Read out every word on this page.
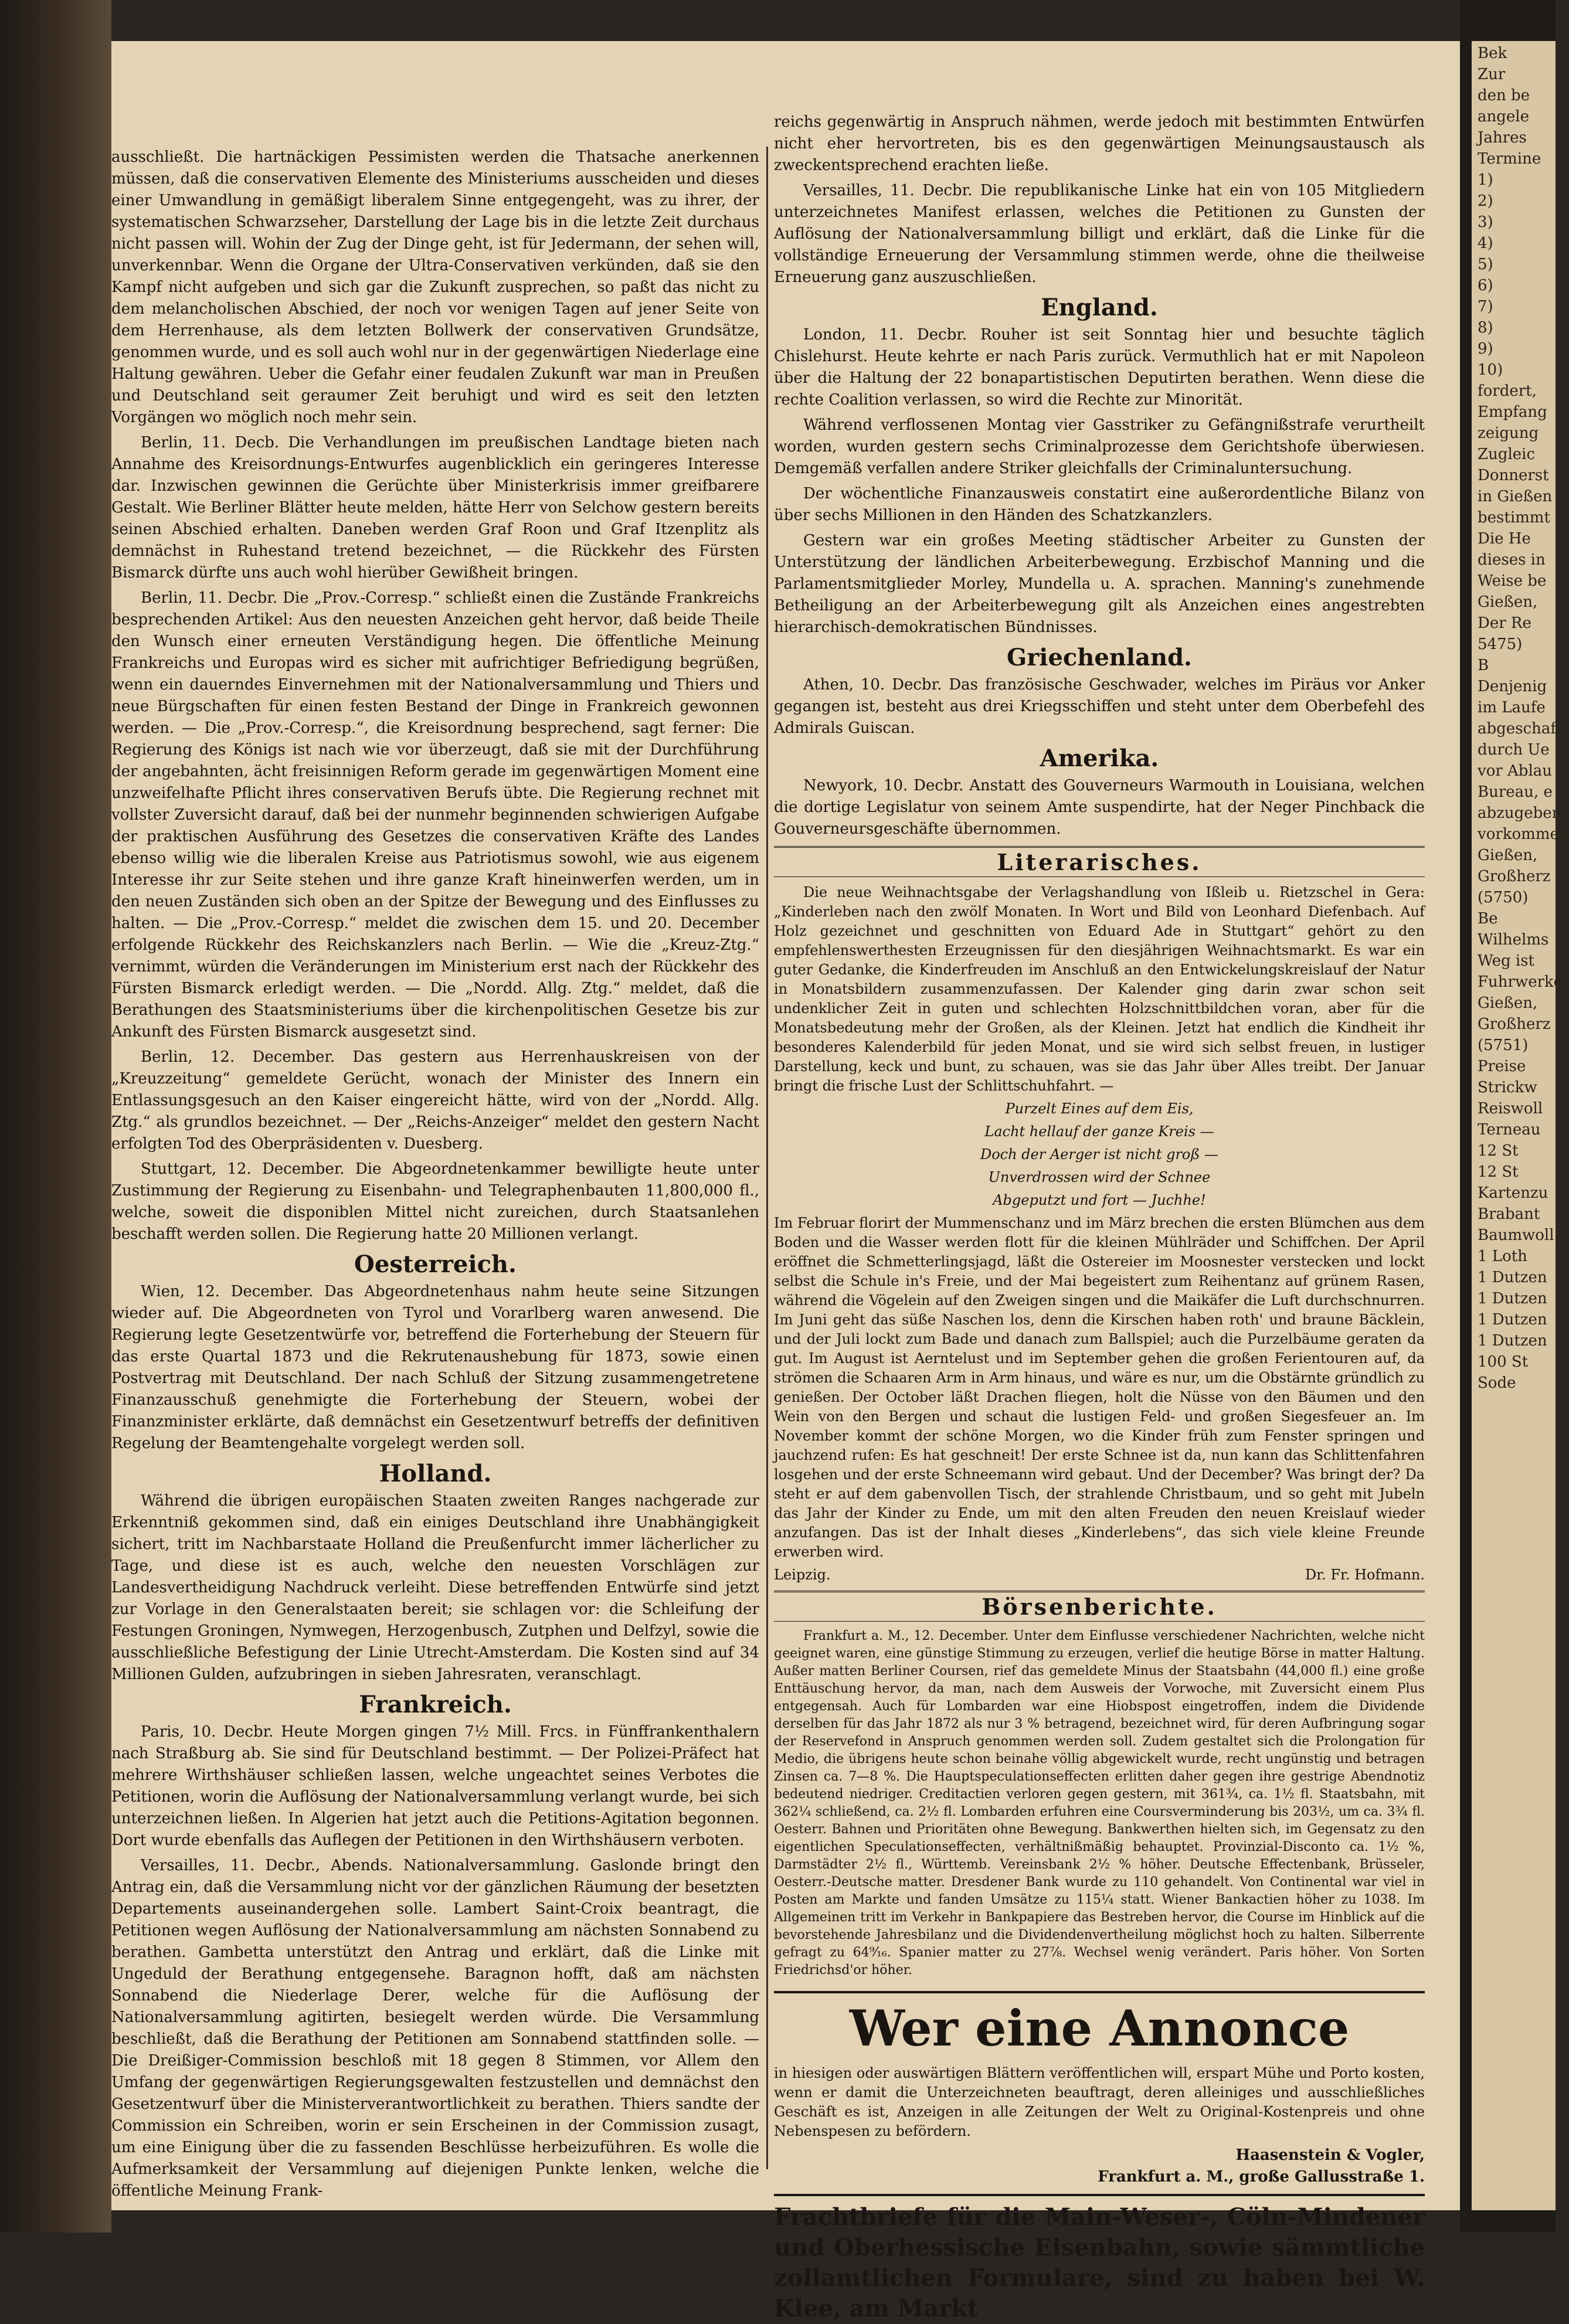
Bek
Zur
den be
angele
Jahres
Termine
1)
2)
3)
4)
5)
6)
7)
8)
9)
10)
fordert,
Empfang
zeigung
Zugleic
Donnerst
in Gießen
bestimmt
Die He
dieses in
Weise be
Gießen,
Der Re
5475)
B
Denjenig
im Laufe
abgeschafft
durch Ue
vor Ablau
Bureau, e
abzugeben
vorkommen
Gießen,
Großherz
(5750)
Be
Wilhelms
Weg ist
Fuhrwerke
Gießen,
Großherz
(5751)
Preise
Strickw
Reiswoll
Terneau
12 St
12 St
Kartenzu
Brabant
Baumwoll
1 Loth
1 Dutzen
1 Dutzen
1 Dutzen
1 Dutzen
100 St
Sode

ausschließt. Die hartnäckigen Pessimisten werden die Thatsache anerkennen müssen, daß die conservativen Elemente des Ministeriums ausscheiden und dieses einer Umwandlung in gemäßigt liberalem Sinne entgegengeht, was zu ihrer, der systematischen Schwarzseher, Darstellung der Lage bis in die letzte Zeit durchaus nicht passen will. Wohin der Zug der Dinge geht, ist für Jedermann, der sehen will, unverkennbar. Wenn die Organe der Ultra-Conservativen verkünden, daß sie den Kampf nicht aufgeben und sich gar die Zukunft zusprechen, so paßt das nicht zu dem melancholischen Abschied, der noch vor wenigen Tagen auf jener Seite von dem Herrenhause, als dem letzten Bollwerk der conservativen Grundsätze, genommen wurde, und es soll auch wohl nur in der gegenwärtigen Niederlage eine Haltung gewähren. Ueber die Gefahr einer feudalen Zukunft war man in Preußen und Deutschland seit geraumer Zeit beruhigt und wird es seit den letzten Vorgängen wo möglich noch mehr sein.

Berlin, 11. Decb. Die Verhandlungen im preußischen Landtage bieten nach Annahme des Kreisordnungs-Entwurfes augenblicklich ein geringeres Interesse dar. Inzwischen gewinnen die Gerüchte über Ministerkrisis immer greifbarere Gestalt. Wie Berliner Blätter heute melden, hätte Herr von Selchow gestern bereits seinen Abschied erhalten. Daneben werden Graf Roon und Graf Itzenplitz als demnächst in Ruhestand tretend bezeichnet, — die Rückkehr des Fürsten Bismarck dürfte uns auch wohl hierüber Gewißheit bringen.

Berlin, 11. Decbr. Die „Prov.-Corresp.“ schließt einen die Zustände Frankreichs besprechenden Artikel: Aus den neuesten Anzeichen geht hervor, daß beide Theile den Wunsch einer erneuten Verständigung hegen. Die öffentliche Meinung Frankreichs und Europas wird es sicher mit aufrichtiger Befriedigung begrüßen, wenn ein dauerndes Einvernehmen mit der Nationalversammlung und Thiers und neue Bürgschaften für einen festen Bestand der Dinge in Frankreich gewonnen werden. — Die „Prov.-Corresp.“, die Kreisordnung besprechend, sagt ferner: Die Regierung des Königs ist nach wie vor überzeugt, daß sie mit der Durchführung der angebahnten, ächt freisinnigen Reform gerade im gegenwärtigen Moment eine unzweifelhafte Pflicht ihres conservativen Berufs übte. Die Regierung rechnet mit vollster Zuversicht darauf, daß bei der nunmehr beginnenden schwierigen Aufgabe der praktischen Ausführung des Gesetzes die conservativen Kräfte des Landes ebenso willig wie die liberalen Kreise aus Patriotismus sowohl, wie aus eigenem Interesse ihr zur Seite stehen und ihre ganze Kraft hineinwerfen werden, um in den neuen Zuständen sich oben an der Spitze der Bewegung und des Einflusses zu halten. — Die „Prov.-Corresp.“ meldet die zwischen dem 15. und 20. December erfolgende Rückkehr des Reichskanzlers nach Berlin. — Wie die „Kreuz-Ztg.“ vernimmt, würden die Veränderungen im Ministerium erst nach der Rückkehr des Fürsten Bismarck erledigt werden. — Die „Nordd. Allg. Ztg.“ meldet, daß die Berathungen des Staatsministeriums über die kirchenpolitischen Gesetze bis zur Ankunft des Fürsten Bismarck ausgesetzt sind.

Berlin, 12. December. Das gestern aus Herrenhauskreisen von der „Kreuzzeitung“ gemeldete Gerücht, wonach der Minister des Innern ein Entlassungsgesuch an den Kaiser eingereicht hätte, wird von der „Nordd. Allg. Ztg.“ als grundlos bezeichnet. — Der „Reichs-Anzeiger“ meldet den gestern Nacht erfolgten Tod des Oberpräsidenten v. Duesberg.

Stuttgart, 12. December. Die Abgeordnetenkammer bewilligte heute unter Zustimmung der Regierung zu Eisenbahn- und Telegraphenbauten 11,800,000 fl., welche, soweit die disponiblen Mittel nicht zureichen, durch Staatsanlehen beschafft werden sollen. Die Regierung hatte 20 Millionen verlangt.

Oesterreich.

Wien, 12. December. Das Abgeordnetenhaus nahm heute seine Sitzungen wieder auf. Die Abgeordneten von Tyrol und Vorarlberg waren anwesend. Die Regierung legte Gesetzentwürfe vor, betreffend die Forterhebung der Steuern für das erste Quartal 1873 und die Rekrutenaushebung für 1873, sowie einen Postvertrag mit Deutschland. Der nach Schluß der Sitzung zusammengetretene Finanzausschuß genehmigte die Forterhebung der Steuern, wobei der Finanzminister erklärte, daß demnächst ein Gesetzentwurf betreffs der definitiven Regelung der Beamtengehalte vorgelegt werden soll.

Holland.

Während die übrigen europäischen Staaten zweiten Ranges nachgerade zur Erkenntniß gekommen sind, daß ein einiges Deutschland ihre Unabhängigkeit sichert, tritt im Nachbarstaate Holland die Preußenfurcht immer lächerlicher zu Tage, und diese ist es auch, welche den neuesten Vorschlägen zur Landesvertheidigung Nachdruck verleiht. Diese betreffenden Entwürfe sind jetzt zur Vorlage in den Generalstaaten bereit; sie schlagen vor: die Schleifung der Festungen Groningen, Nymwegen, Herzogenbusch, Zutphen und Delfzyl, sowie die ausschließliche Befestigung der Linie Utrecht-Amsterdam. Die Kosten sind auf 34 Millionen Gulden, aufzubringen in sieben Jahresraten, veranschlagt.

Frankreich.

Paris, 10. Decbr. Heute Morgen gingen 7½ Mill. Frcs. in Fünffrankenthalern nach Straßburg ab. Sie sind für Deutschland bestimmt. — Der Polizei-Präfect hat mehrere Wirthshäuser schließen lassen, welche ungeachtet seines Verbotes die Petitionen, worin die Auflösung der Nationalversammlung verlangt wurde, bei sich unterzeichnen ließen. In Algerien hat jetzt auch die Petitions-Agitation begonnen. Dort wurde ebenfalls das Auflegen der Petitionen in den Wirthshäusern verboten.

Versailles, 11. Decbr., Abends. Nationalversammlung. Gaslonde bringt den Antrag ein, daß die Versammlung nicht vor der gänzlichen Räumung der besetzten Departements auseinandergehen solle. Lambert Saint-Croix beantragt, die Petitionen wegen Auflösung der Nationalversammlung am nächsten Sonnabend zu berathen. Gambetta unterstützt den Antrag und erklärt, daß die Linke mit Ungeduld der Berathung entgegensehe. Baragnon hofft, daß am nächsten Sonnabend die Niederlage Derer, welche für die Auflösung der Nationalversammlung agitirten, besiegelt werden würde. Die Versammlung beschließt, daß die Berathung der Petitionen am Sonnabend stattfinden solle. — Die Dreißiger-Commission beschloß mit 18 gegen 8 Stimmen, vor Allem den Umfang der gegenwärtigen Regierungsgewalten festzustellen und demnächst den Gesetzentwurf über die Ministerverantwortlichkeit zu berathen. Thiers sandte der Commission ein Schreiben, worin er sein Erscheinen in der Commission zusagt, um eine Einigung über die zu fassenden Beschlüsse herbeizuführen. Es wolle die Aufmerksamkeit der Versammlung auf diejenigen Punkte lenken, welche die öffentliche Meinung Frank-

reichs gegenwärtig in Anspruch nähmen, werde jedoch mit bestimmten Entwürfen nicht eher hervortreten, bis es den gegenwärtigen Meinungsaustausch als zweckentsprechend erachten ließe.

Versailles, 11. Decbr. Die republikanische Linke hat ein von 105 Mitgliedern unterzeichnetes Manifest erlassen, welches die Petitionen zu Gunsten der Auflösung der Nationalversammlung billigt und erklärt, daß die Linke für die vollständige Erneuerung der Versammlung stimmen werde, ohne die theilweise Erneuerung ganz auszuschließen.

England.

London, 11. Decbr. Rouher ist seit Sonntag hier und besuchte täglich Chislehurst. Heute kehrte er nach Paris zurück. Vermuthlich hat er mit Napoleon über die Haltung der 22 bonapartistischen Deputirten berathen. Wenn diese die rechte Coalition verlassen, so wird die Rechte zur Minorität.

Während verflossenen Montag vier Gasstriker zu Gefängnißstrafe verurtheilt worden, wurden gestern sechs Criminalprozesse dem Gerichtshofe überwiesen. Demgemäß verfallen andere Striker gleichfalls der Criminaluntersuchung.

Der wöchentliche Finanzausweis constatirt eine außerordentliche Bilanz von über sechs Millionen in den Händen des Schatzkanzlers.

Gestern war ein großes Meeting städtischer Arbeiter zu Gunsten der Unterstützung der ländlichen Arbeiterbewegung. Erzbischof Manning und die Parlamentsmitglieder Morley, Mundella u. A. sprachen. Manning's zunehmende Betheiligung an der Arbeiterbewegung gilt als Anzeichen eines angestrebten hierarchisch-demokratischen Bündnisses.

Griechenland.

Athen, 10. Decbr. Das französische Geschwader, welches im Piräus vor Anker gegangen ist, besteht aus drei Kriegsschiffen und steht unter dem Oberbefehl des Admirals Guiscan.

Amerika.

Newyork, 10. Decbr. Anstatt des Gouverneurs Warmouth in Louisiana, welchen die dortige Legislatur von seinem Amte suspendirte, hat der Neger Pinchback die Gouverneursgeschäfte übernommen.

Literarisches.

Die neue Weihnachtsgabe der Verlagshandlung von Ißleib u. Rietzschel in Gera: „Kinderleben nach den zwölf Monaten. In Wort und Bild von Leonhard Diefenbach. Auf Holz gezeichnet und geschnitten von Eduard Ade in Stuttgart“ gehört zu den empfehlenswerthesten Erzeugnissen für den diesjährigen Weihnachtsmarkt. Es war ein guter Gedanke, die Kinderfreuden im Anschluß an den Entwickelungskreislauf der Natur in Monatsbildern zusammenzufassen. Der Kalender ging darin zwar schon seit undenklicher Zeit in guten und schlechten Holzschnittbildchen voran, aber für die Monatsbedeutung mehr der Großen, als der Kleinen. Jetzt hat endlich die Kindheit ihr besonderes Kalenderbild für jeden Monat, und sie wird sich selbst freuen, in lustiger Darstellung, keck und bunt, zu schauen, was sie das Jahr über Alles treibt. Der Januar bringt die frische Lust der Schlittschuhfahrt. —

Purzelt Eines auf dem Eis,
Lacht hellauf der ganze Kreis —
Doch der Aerger ist nicht groß —
Unverdrossen wird der Schnee
Abgeputzt und fort — Juchhe!

Im Februar florirt der Mummenschanz und im März brechen die ersten Blümchen aus dem Boden und die Wasser werden flott für die kleinen Mühlräder und Schiffchen. Der April eröffnet die Schmetterlingsjagd, läßt die Ostereier im Moosnester verstecken und lockt selbst die Schule in's Freie, und der Mai begeistert zum Reihentanz auf grünem Rasen, während die Vögelein auf den Zweigen singen und die Maikäfer die Luft durchschnurren. Im Juni geht das süße Naschen los, denn die Kirschen haben roth' und braune Bäcklein, und der Juli lockt zum Bade und danach zum Ballspiel; auch die Purzelbäume geraten da gut. Im August ist Aerntelust und im September gehen die großen Ferientouren auf, da strömen die Schaaren Arm in Arm hinaus, und wäre es nur, um die Obstärnte gründlich zu genießen. Der October läßt Drachen fliegen, holt die Nüsse von den Bäumen und den Wein von den Bergen und schaut die lustigen Feld- und großen Siegesfeuer an. Im November kommt der schöne Morgen, wo die Kinder früh zum Fenster springen und jauchzend rufen: Es hat geschneit! Der erste Schnee ist da, nun kann das Schlittenfahren losgehen und der erste Schneemann wird gebaut. Und der December? Was bringt der? Da steht er auf dem gabenvollen Tisch, der strahlende Christbaum, und so geht mit Jubeln das Jahr der Kinder zu Ende, um mit den alten Freuden den neuen Kreislauf wieder anzufangen. Das ist der Inhalt dieses „Kinderlebens“, das sich viele kleine Freunde erwerben wird.

Leipzig.	Dr. Fr. Hofmann.
Börsenberichte.

Frankfurt a. M., 12. December. Unter dem Einflusse verschiedener Nachrichten, welche nicht geeignet waren, eine günstige Stimmung zu erzeugen, verlief die heutige Börse in matter Haltung. Außer matten Berliner Coursen, rief das gemeldete Minus der Staatsbahn (44,000 fl.) eine große Enttäuschung hervor, da man, nach dem Ausweis der Vorwoche, mit Zuversicht einem Plus entgegensah. Auch für Lombarden war eine Hiobspost eingetroffen, indem die Dividende derselben für das Jahr 1872 als nur 3 % betragend, bezeichnet wird, für deren Aufbringung sogar der Reservefond in Anspruch genommen werden soll. Zudem gestaltet sich die Prolongation für Medio, die übrigens heute schon beinahe völlig abgewickelt wurde, recht ungünstig und betragen Zinsen ca. 7—8 %. Die Hauptspeculationseffecten erlitten daher gegen ihre gestrige Abendnotiz bedeutend niedriger. Creditactien verloren gegen gestern, mit 361¾, ca. 1½ fl. Staatsbahn, mit 362¼ schließend, ca. 2½ fl. Lombarden erfuhren eine Coursverminderung bis 203½, um ca. 3¾ fl. Oesterr. Bahnen und Prioritäten ohne Bewegung. Bankwerthen hielten sich, im Gegensatz zu den eigentlichen Speculationseffecten, verhältnißmäßig behauptet. Provinzial-Disconto ca. 1½ %, Darmstädter 2½ fl., Württemb. Vereinsbank 2½ % höher. Deutsche Effectenbank, Brüsseler, Oesterr.-Deutsche matter. Dresdener Bank wurde zu 110 gehandelt. Von Continental war viel in Posten am Markte und fanden Umsätze zu 115¼ statt. Wiener Bankactien höher zu 1038. Im Allgemeinen tritt im Verkehr in Bankpapiere das Bestreben hervor, die Course im Hinblick auf die bevorstehende Jahresbilanz und die Dividendenvertheilung möglichst hoch zu halten. Silberrente gefragt zu 64⁹⁄₁₆. Spanier matter zu 27⅞. Wechsel wenig verändert. Paris höher. Von Sorten Friedrichsd'or höher.

Wer eine Annonce

in hiesigen oder auswärtigen Blättern veröffentlichen will, erspart Mühe und Porto kosten, wenn er damit die Unterzeichneten beauftragt, deren alleiniges und ausschließliches Geschäft es ist, Anzeigen in alle Zeitungen der Welt zu Original-Kostenpreis und ohne Nebenspesen zu befördern.

Haasenstein & Vogler,
Frankfurt a. M., große Gallusstraße 1.
Frachtbriefe für die Main-Weser-, Cöln-Mindener und Oberhessische Eisenbahn, sowie sämmtliche zollamtlichen Formulare, sind zu haben bei W. Klee, am Markt
